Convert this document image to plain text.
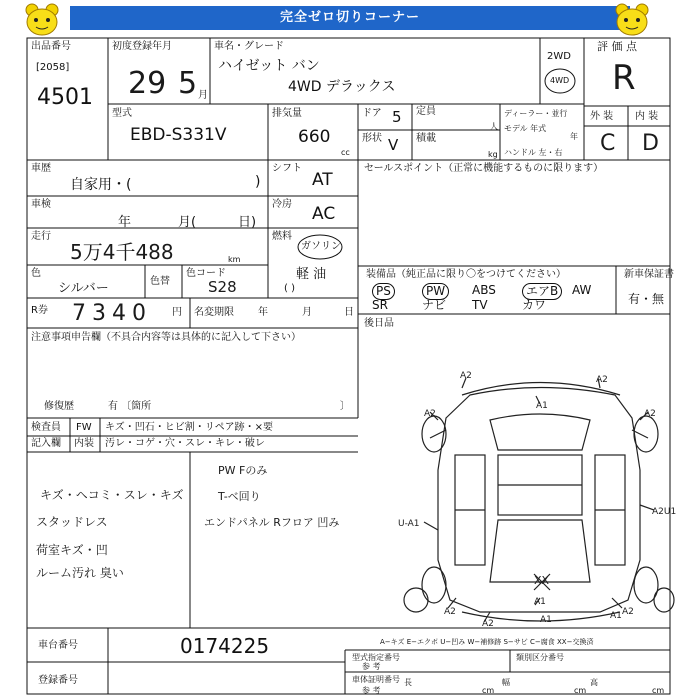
完全ゼロ切りコーナー
出品番号
[2058]
4501
初度登録年月
29 5 月
車名・グレード
ハイゼット バン
4WD デラックス
2WD
4WD
評 価 点
R
外 装 内 装
C D
型式
EBD-S331V
排気量
660
cc
ドア 5
形状 V
定員
人
積載
kg
ディーラー・並行
モデル 年式
年
ハンドル 左・右
車歴
自家用・(	)
シフト
AT
車検
年	月(	日)
冷房 AC
走行
5万4千488	km
燃料
ガソリン
軽 油
( )
色
シルバー	色替
色コード
S28
R券 7340 円 名変期限 年	月	日
注意事項申告欄（不具合内容等は具体的に記入して下さい）
修復歴	有 〔箇所	〕
セールスポイント（正常に機能するものに限ります）
装備品（純正品に限り〇をつけてください）	新車保証書
有・無
PS	PW	ABS	エアB	AW
SR	ナビ TV	カワ
後日品
検査員
記入欄
FW
内装
キズ・凹石・ヒビ割・リペア跡・×要
汚レ・コゲ・穴・スレ・キレ・破レ
キズ・ヘコミ・スレ・キズ
スタッドレス
荷室キズ・凹
ルーム汚れ 臭い
PW Fのみ
T-ベ回り
エンドパネル Rフロア 凹み
A2	A2
A1
A2	A2
A2U1
U-A1
XX
A1
A2
A1
A2
A1 A2
A−キズ E−エクボ U−凹み W−補修跡 S−サビ C−腐食 XX−交換済
車台番号	0174225
登録番号
型式指定番号	類別区分番号
参 考
車体証明番号
参 考
長
cm
幅
cm
高
cm
